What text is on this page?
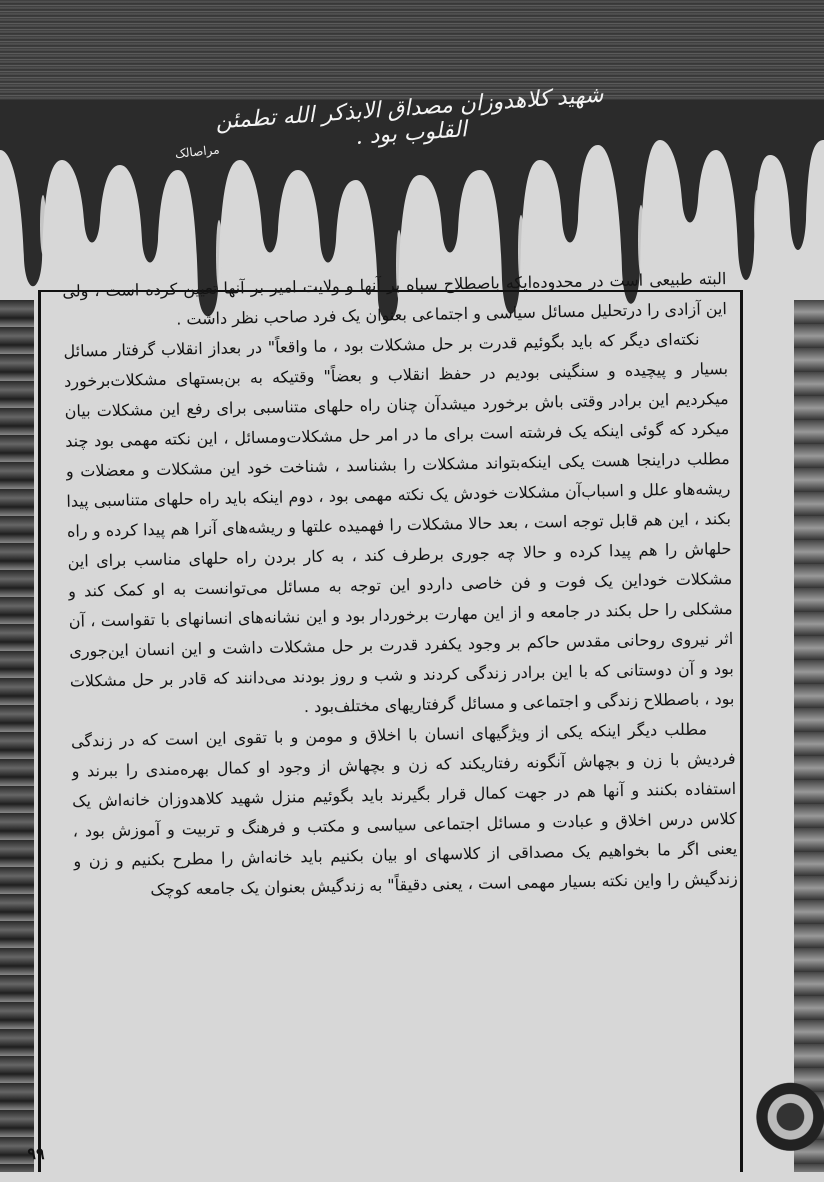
شهید کلاهدوزان مصداق الابذکر الله تطمئن القلوب بود .
مراصالک

البته طبیعی است در محدوده‌ایکه باصطلاح سپاه بر آنها و ولایت امیر بر آنها تعیین کرده است ، ولی این آزادی را درتحلیل مسائل سیاسی و اجتماعی بعنوان یک فرد صاحب نظر داشت .

نکته‌ای دیگر که باید بگوئیم قدرت بر حل مشکلات بود ، ما واقعاً" در بعداز انقلاب گرفتار مسائل بسیار و پیچیده و سنگینی بودیم در حفظ انقلاب و بعضاً" وقتیکه به بن‌بستهای مشکلات‌برخورد میکردیم این برادر وقتی باش برخورد میشدآن چنان راه حلهای متناسبی برای رفع این مشکلات بیان میکرد که گوئی اینکه یک فرشته است برای ما در امر حل مشکلات‌ومسائل ، این نکته مهمی بود چند مطلب دراینجا هست یکی اینکه‌بتواند مشکلات را بشناسد ، شناخت خود این مشکلات و معضلات و ریشه‌هاو علل و اسباب‌آن مشکلات خودش یک نکته مهمی بود ، دوم اینکه باید راه حلهای متناسبی پیدا بکند ، این هم قابل توجه است ، بعد حالا مشکلات را فهمیده علتها و ریشه‌های آنرا هم پیدا کرده و راه حلهاش را هم پیدا کرده و حالا چه جوری برطرف کند ، به کار بردن راه حلهای مناسب برای این مشکلات خوداین یک فوت و فن خاصی داردو این توجه به مسائل می‌توانست به او کمک کند و مشکلی را حل بکند در جامعه و از این مهارت برخوردار بود و این نشانه‌های انسانهای با تقواست ، آن اثر نیروی روحانی مقدس حاکم بر وجود یکفرد قدرت بر حل مشکلات داشت و این انسان این‌جوری بود و آن دوستانی که با این برادر زندگی کردند و شب و روز بودند می‌دانند که قادر بر حل مشکلات بود ، باصطلاح زندگی و اجتماعی و مسائل گرفتاریهای مختلف‌بود .

مطلب دیگر اینکه یکی از ویژگیهای انسان با اخلاق و مومن و با تقوی این است که در زندگی فردیش با زن و بچهاش آنگونه رفتاریکند که زن و بچهاش از وجود او کمال بهره‌مندی را ببرند و استفاده بکنند و آنها هم در جهت کمال قرار بگیرند باید بگوئیم منزل شهید کلاهدوزان خانه‌اش یک کلاس درس اخلاق و عبادت و مسائل اجتماعی سیاسی و مکتب و فرهنگ و تربیت و آموزش بود ، یعنی اگر ما بخواهیم یک مصداقی از کلاسهای او بیان بکنیم باید خانه‌اش را مطرح بکنیم و زن و زندگیش را واین نکته بسیار مهمی است ، یعنی دقیقاً" به زندگیش بعنوان یک جامعه کوچک

۹۹
